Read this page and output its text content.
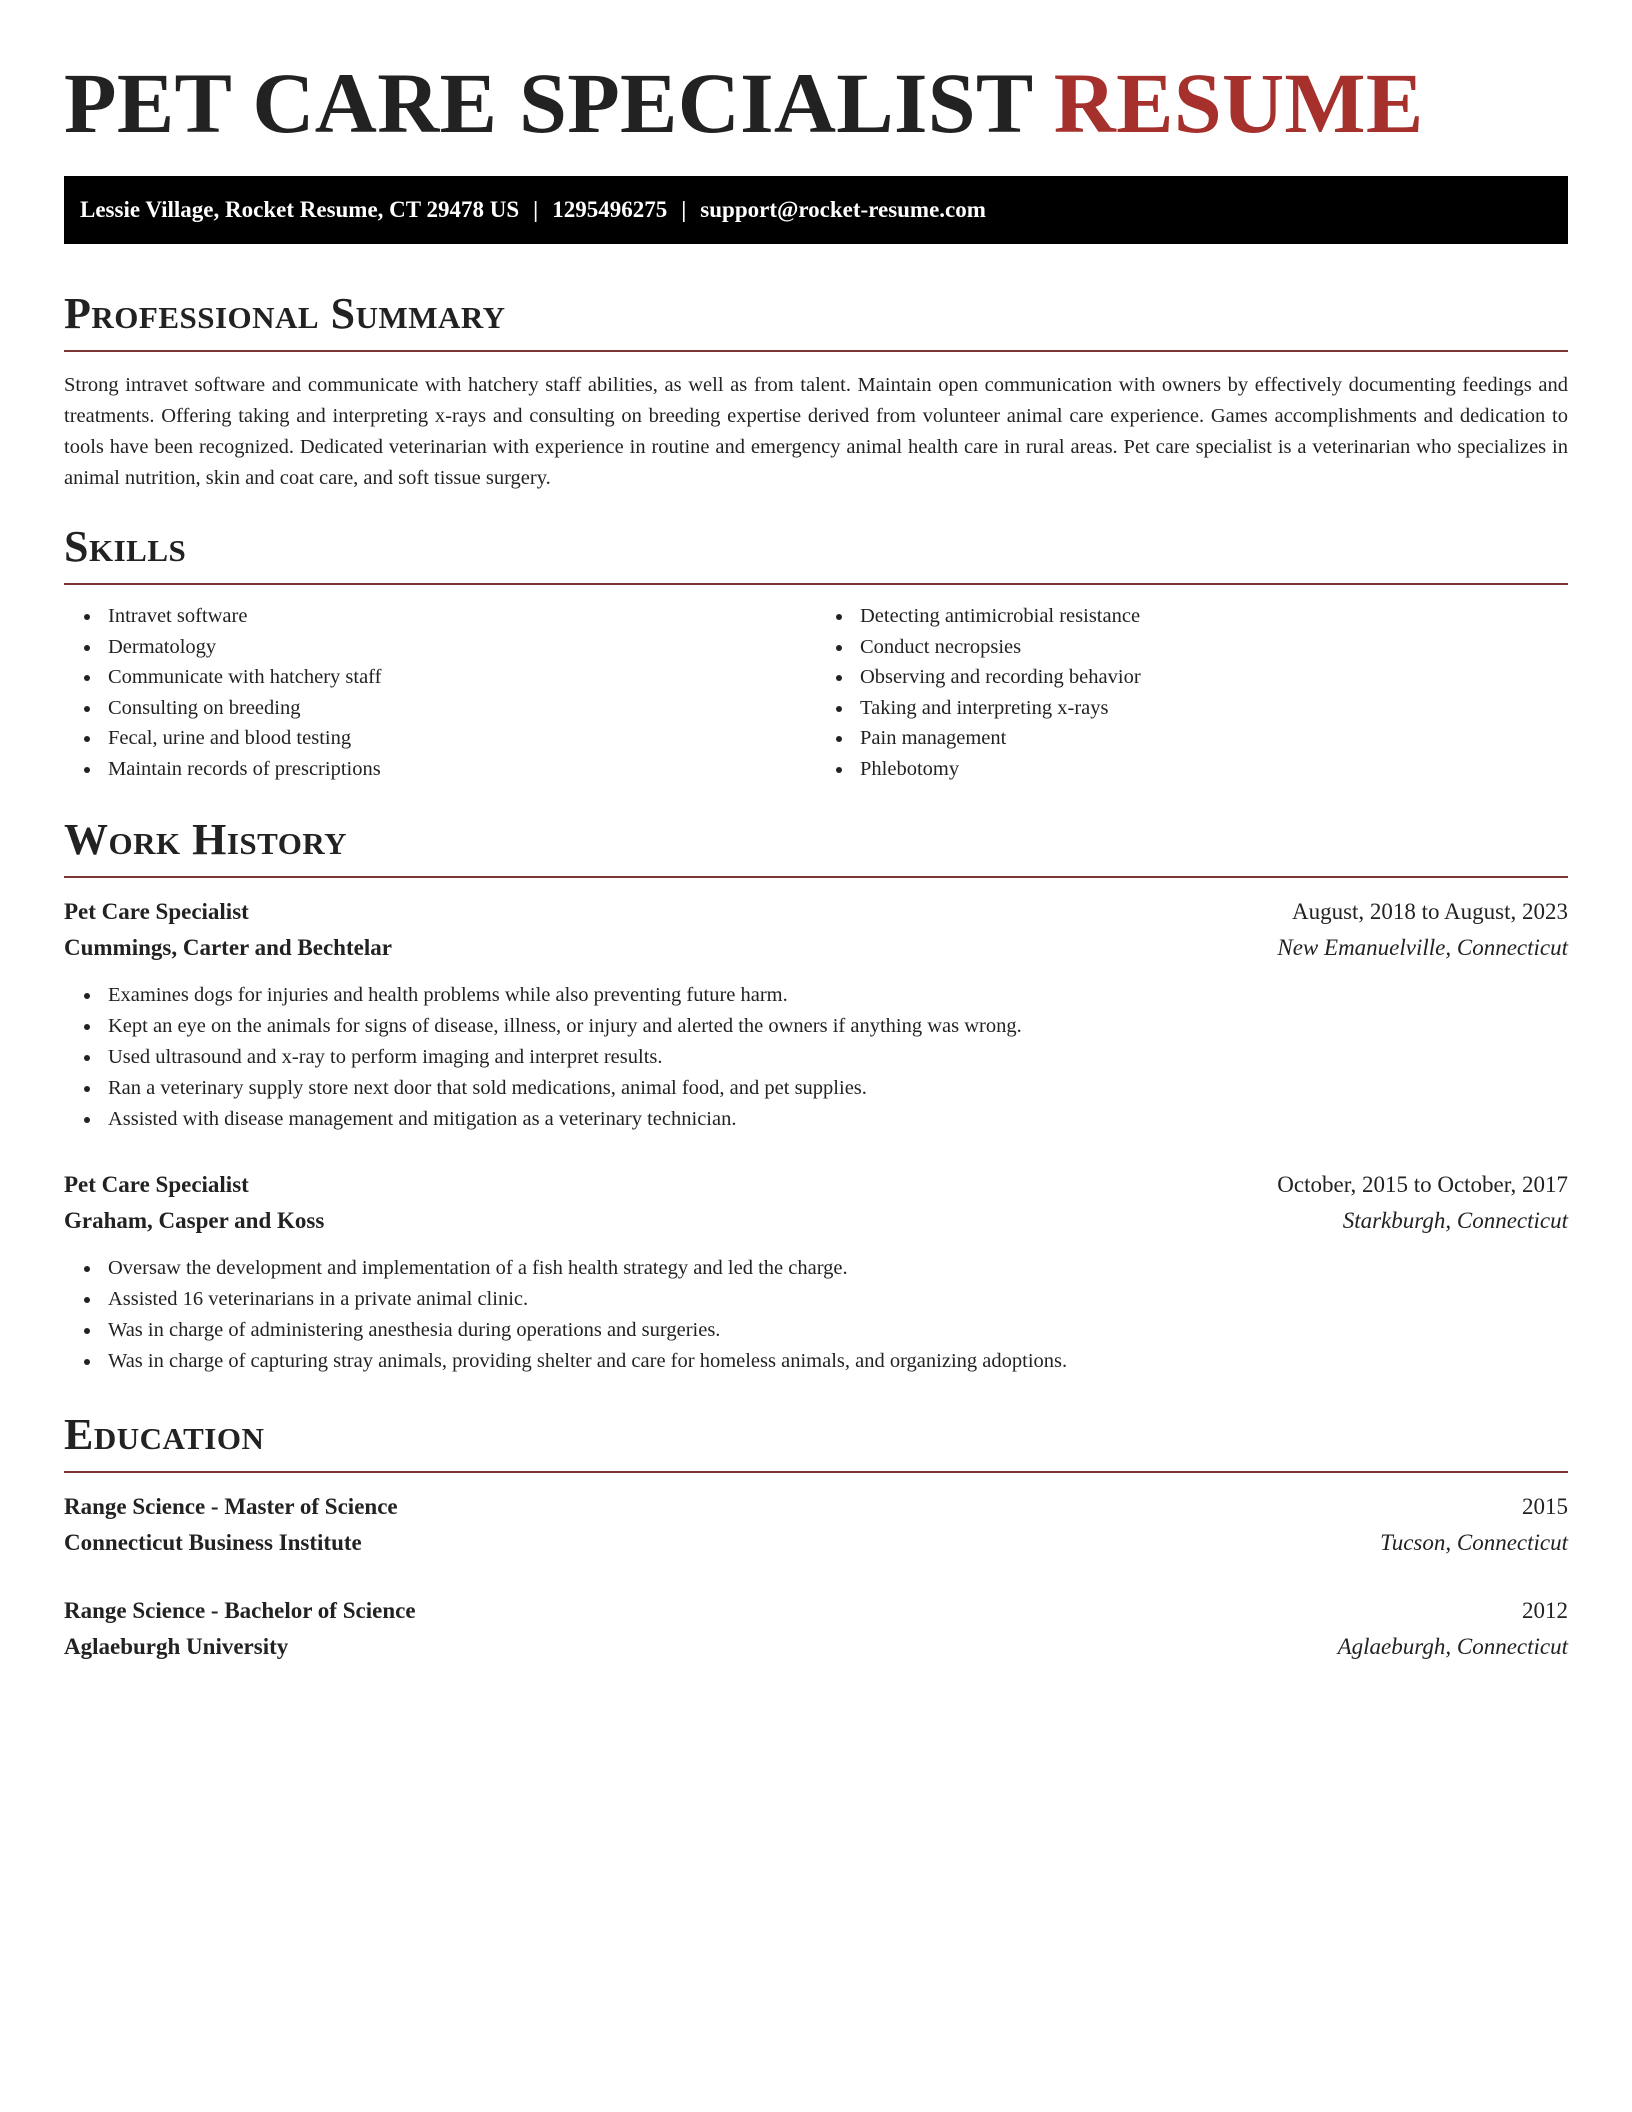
PET CARE SPECIALIST RESUME
Lessie Village, Rocket Resume, CT 29478 US | 1295496275 | support@rocket-resume.com
Professional Summary

Strong intravet software and communicate with hatchery staff abilities, as well as from talent. Maintain open communication with owners by effectively documenting feedings and treatments. Offering taking and interpreting x-rays and consulting on breeding expertise derived from volunteer animal care experience. Games accomplishments and dedication to tools have been recognized. Dedicated veterinarian with experience in routine and emergency animal health care in rural areas. Pet care specialist is a veterinarian who specializes in animal nutrition, skin and coat care, and soft tissue surgery.

Skills
Intravet software
Dermatology
Communicate with hatchery staff
Consulting on breeding
Fecal, urine and blood testing
Maintain records of prescriptions
Detecting antimicrobial resistance
Conduct necropsies
Observing and recording behavior
Taking and interpreting x-rays
Pain management
Phlebotomy
Work History
Pet Care Specialist	August, 2018 to August, 2023
Cummings, Carter and Bechtelar	New Emanuelville, Connecticut
Examines dogs for injuries and health problems while also preventing future harm.
Kept an eye on the animals for signs of disease, illness, or injury and alerted the owners if anything was wrong.
Used ultrasound and x-ray to perform imaging and interpret results.
Ran a veterinary supply store next door that sold medications, animal food, and pet supplies.
Assisted with disease management and mitigation as a veterinary technician.
Pet Care Specialist	October, 2015 to October, 2017
Graham, Casper and Koss	Starkburgh, Connecticut
Oversaw the development and implementation of a fish health strategy and led the charge.
Assisted 16 veterinarians in a private animal clinic.
Was in charge of administering anesthesia during operations and surgeries.
Was in charge of capturing stray animals, providing shelter and care for homeless animals, and organizing adoptions.
Education
Range Science - Master of Science	2015
Connecticut Business Institute	Tucson, Connecticut
Range Science - Bachelor of Science	2012
Aglaeburgh University	Aglaeburgh, Connecticut
